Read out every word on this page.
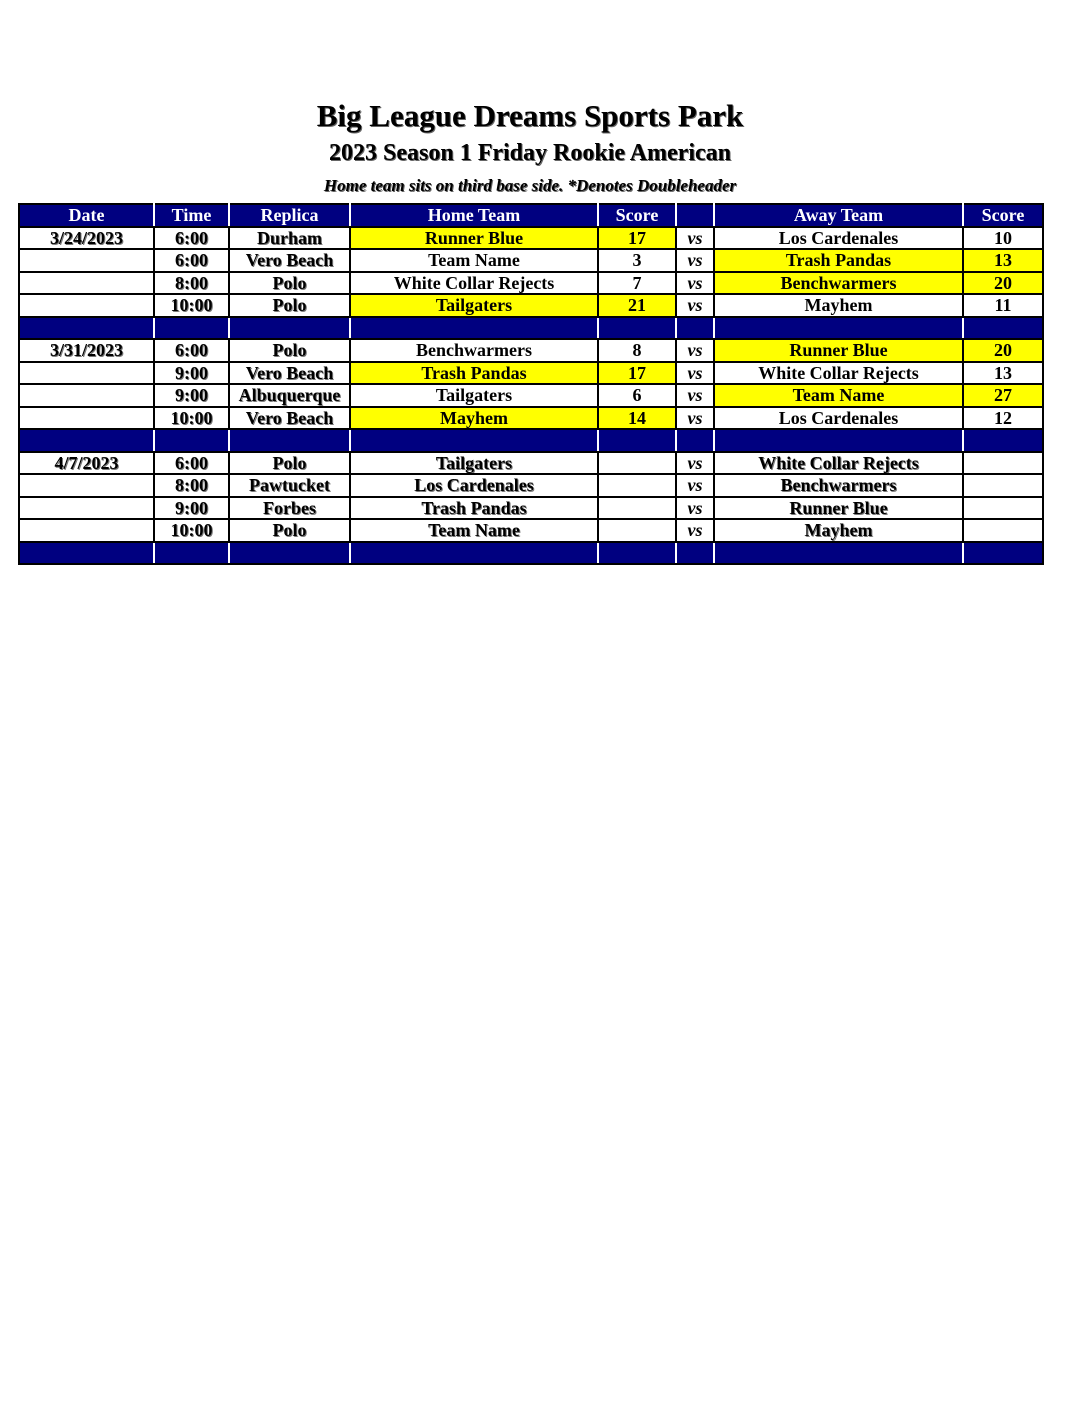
Big League Dreams Sports Park
2023 Season 1 Friday Rookie American
Home team sits on third base side. *Denotes Doubleheader
Date	Time	Replica	Home Team	Score		Away Team	Score
3/24/2023	6:00	Durham	Runner Blue	17	vs	Los Cardenales	10
	6:00	Vero Beach	Team Name	3	vs	Trash Pandas	13
	8:00	Polo	White Collar Rejects	7	vs	Benchwarmers	20
	10:00	Polo	Tailgaters	21	vs	Mayhem	11

3/31/2023	6:00	Polo	Benchwarmers	8	vs	Runner Blue	20
	9:00	Vero Beach	Trash Pandas	17	vs	White Collar Rejects	13
	9:00	Albuquerque	Tailgaters	6	vs	Team Name	27
	10:00	Vero Beach	Mayhem	14	vs	Los Cardenales	12

4/7/2023	6:00	Polo	Tailgaters		vs	White Collar Rejects	
	8:00	Pawtucket	Los Cardenales		vs	Benchwarmers	
	9:00	Forbes	Trash Pandas		vs	Runner Blue	
	10:00	Polo	Team Name		vs	Mayhem	
